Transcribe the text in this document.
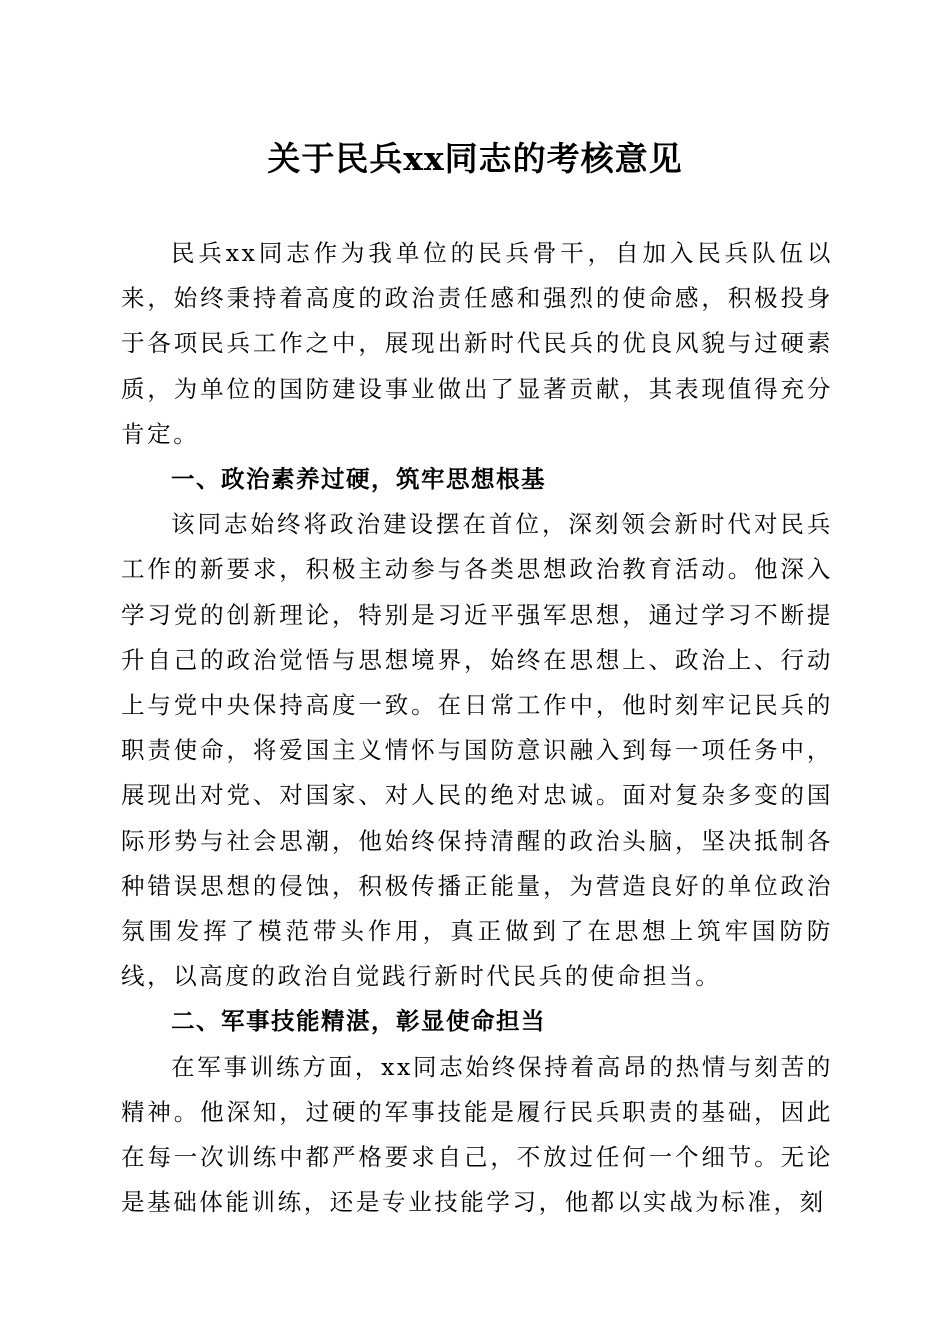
关于民兵xx同志的考核意见

民兵xx同志作为我单位的民兵骨干，自加入民兵队伍以来，始终秉持着高度的政治责任感和强烈的使命感，积极投身于各项民兵工作之中，展现出新时代民兵的优良风貌与过硬素质，为单位的国防建设事业做出了显著贡献，其表现值得充分肯定。

一、政治素养过硬，筑牢思想根基

该同志始终将政治建设摆在首位，深刻领会新时代对民兵工作的新要求，积极主动参与各类思想政治教育活动。他深入学习党的创新理论，特别是习近平强军思想，通过学习不断提升自己的政治觉悟与思想境界，始终在思想上、政治上、行动上与党中央保持高度一致。在日常工作中，他时刻牢记民兵的职责使命，将爱国主义情怀与国防意识融入到每一项任务中，展现出对党、对国家、对人民的绝对忠诚。面对复杂多变的国际形势与社会思潮，他始终保持清醒的政治头脑，坚决抵制各种错误思想的侵蚀，积极传播正能量，为营造良好的单位政治氛围发挥了模范带头作用，真正做到了在思想上筑牢国防防线，以高度的政治自觉践行新时代民兵的使命担当。

二、军事技能精湛，彰显使命担当

在军事训练方面，xx同志始终保持着高昂的热情与刻苦的精神。他深知，过硬的军事技能是履行民兵职责的基础，因此在每一次训练中都严格要求自己，不放过任何一个细节。无论是基础体能训练，还是专业技能学习，他都以实战为标准，刻
